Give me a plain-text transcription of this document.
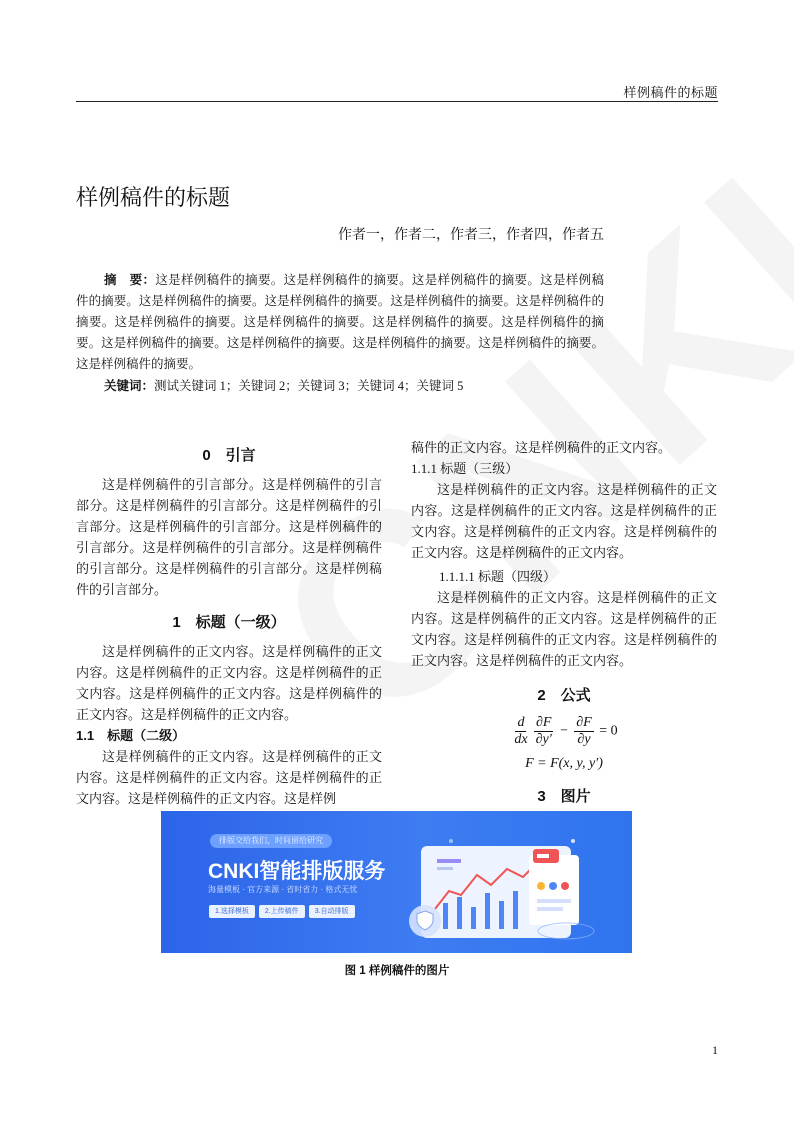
样例稿件的标题
样例稿件的标题
作者一，作者二，作者三，作者四，作者五
摘　要：这是样例稿件的摘要。这是样例稿件的摘要。这是样例稿件的摘要。这是样例稿件的摘要。这是样例稿件的摘要。这是样例稿件的摘要。这是样例稿件的摘要。这是样例稿件的摘要。这是样例稿件的摘要。这是样例稿件的摘要。这是样例稿件的摘要。这是样例稿件的摘要。这是样例稿件的摘要。这是样例稿件的摘要。这是样例稿件的摘要。这是样例稿件的摘要。这是样例稿件的摘要。
关键词：测试关键词 1；关键词 2；关键词 3；关键词 4；关键词 5
0　引言

这是样例稿件的引言部分。这是样例稿件的引言部分。这是样例稿件的引言部分。这是样例稿件的引言部分。这是样例稿件的引言部分。这是样例稿件的引言部分。这是样例稿件的引言部分。这是样例稿件的引言部分。这是样例稿件的引言部分。这是样例稿件的引言部分。

1　标题（一级）

这是样例稿件的正文内容。这是样例稿件的正文内容。这是样例稿件的正文内容。这是样例稿件的正文内容。这是样例稿件的正文内容。这是样例稿件的正文内容。这是样例稿件的正文内容。

1.1　标题（二级）

这是样例稿件的正文内容。这是样例稿件的正文内容。这是样例稿件的正文内容。这是样例稿件的正文内容。这是样例稿件的正文内容。这是样例

稿件的正文内容。这是样例稿件的正文内容。

1.1.1 标题（三级）

这是样例稿件的正文内容。这是样例稿件的正文内容。这是样例稿件的正文内容。这是样例稿件的正文内容。这是样例稿件的正文内容。这是样例稿件的正文内容。这是样例稿件的正文内容。

1.1.1.1 标题（四级）

这是样例稿件的正文内容。这是样例稿件的正文内容。这是样例稿件的正文内容。这是样例稿件的正文内容。这是样例稿件的正文内容。这是样例稿件的正文内容。这是样例稿件的正文内容。

2　公式
$\frac{d}{dx} \frac{\partial F}{\partial y'} - \frac{\partial F}{\partial y} = 0$
F = F(x, y, y′)
3　图片
排版交给我们，时间留给研究
CNKI智能排版服务
海量模板 · 官方来源 · 省时省力 · 格式无忧
1.选择模板	2.上传稿件	3.自动排版
图 1 样例稿件的图片
1
